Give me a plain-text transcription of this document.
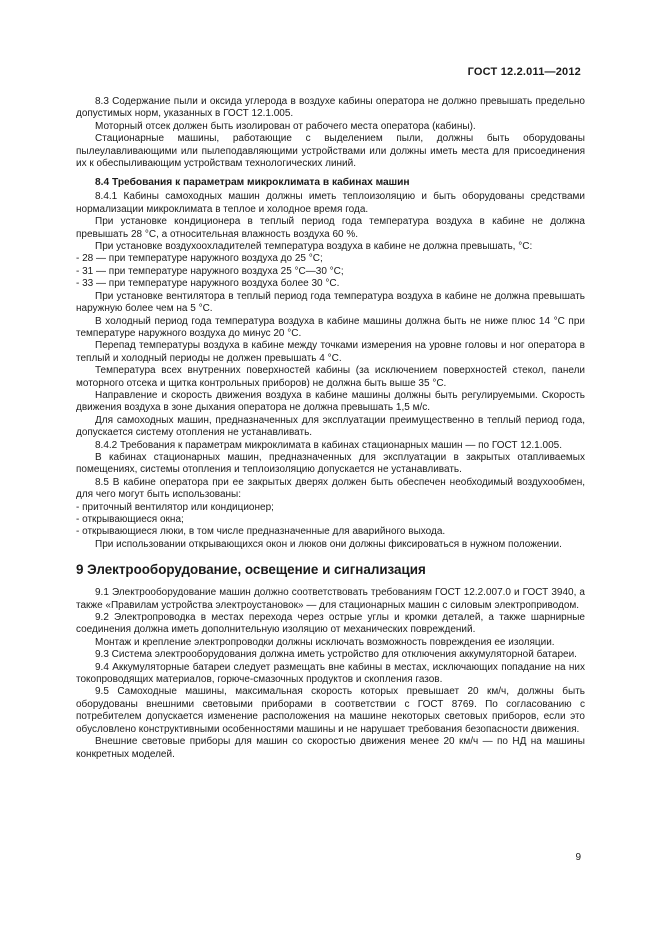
ГОСТ 12.2.011—2012

8.3 Содержание пыли и оксида углерода в воздухе кабины оператора не должно превышать предельно допустимых норм, указанных в ГОСТ 12.1.005.

Моторный отсек должен быть изолирован от рабочего места оператора (кабины).

Стационарные машины, работающие с выделением пыли, должны быть оборудованы пылеулавливающими или пылеподавляющими устройствами или должны иметь места для присоединения их к обеспыливающим устройствам технологических линий.

8.4 Требования к параметрам микроклимата в кабинах машин

8.4.1 Кабины самоходных машин должны иметь теплоизоляцию и быть оборудованы средствами нормализации микроклимата в теплое и холодное время года.

При установке кондиционера в теплый период года температура воздуха в кабине не должна превышать 28 °С, а относительная влажность воздуха 60 %.

При установке воздухоохладителей температура воздуха в кабине не должна превышать, °С:

- 28 — при температуре наружного воздуха до 25 °С;

- 31 — при температуре наружного воздуха 25 °С—30 °С;

- 33 — при температуре наружного воздуха более 30 °С.

При установке вентилятора в теплый период года температура воздуха в кабине не должна превышать наружную более чем на 5 °С.

В холодный период года температура воздуха в кабине машины должна быть не ниже плюс 14 °С при температуре наружного воздуха до минус 20 °С.

Перепад температуры воздуха в кабине между точками измерения на уровне головы и ног оператора в теплый и холодный периоды не должен превышать 4 °С.

Температура всех внутренних поверхностей кабины (за исключением поверхностей стекол, панели моторного отсека и щитка контрольных приборов) не должна быть выше 35 °С.

Направление и скорость движения воздуха в кабине машины должны быть регулируемыми. Скорость движения воздуха в зоне дыхания оператора не должна превышать 1,5 м/с.

Для самоходных машин, предназначенных для эксплуатации преимущественно в теплый период года, допускается систему отопления не устанавливать.

8.4.2 Требования к параметрам микроклимата в кабинах стационарных машин — по ГОСТ 12.1.005.

В кабинах стационарных машин, предназначенных для эксплуатации в закрытых отапливаемых помещениях, системы отопления и теплоизоляцию допускается не устанавливать.

8.5 В кабине оператора при ее закрытых дверях должен быть обеспечен необходимый воздухообмен, для чего могут быть использованы:

- приточный вентилятор или кондиционер;

- открывающиеся окна;

- открывающиеся люки, в том числе предназначенные для аварийного выхода.

При использовании открывающихся окон и люков они должны фиксироваться в нужном положении.

9 Электрооборудование, освещение и сигнализация

9.1 Электрооборудование машин должно соответствовать требованиям ГОСТ 12.2.007.0 и ГОСТ 3940, а также «Правилам устройства электроустановок» — для стационарных машин с силовым электроприводом.

9.2 Электропроводка в местах перехода через острые углы и кромки деталей, а также шарнирные соединения должна иметь дополнительную изоляцию от механических повреждений.

Монтаж и крепление электропроводки должны исключать возможность повреждения ее изоляции.

9.3 Система электрооборудования должна иметь устройство для отключения аккумуляторной батареи.

9.4 Аккумуляторные батареи следует размещать вне кабины в местах, исключающих попадание на них токопроводящих материалов, горюче-смазочных продуктов и скопления газов.

9.5 Самоходные машины, максимальная скорость которых превышает 20 км/ч, должны быть оборудованы внешними световыми приборами в соответствии с ГОСТ 8769. По согласованию с потребителем допускается изменение расположения на машине некоторых световых приборов, если это обусловлено конструктивными особенностями машины и не нарушает требования безопасности движения.

Внешние световые приборы для машин со скоростью движения менее 20 км/ч — по НД на машины конкретных моделей.

9
